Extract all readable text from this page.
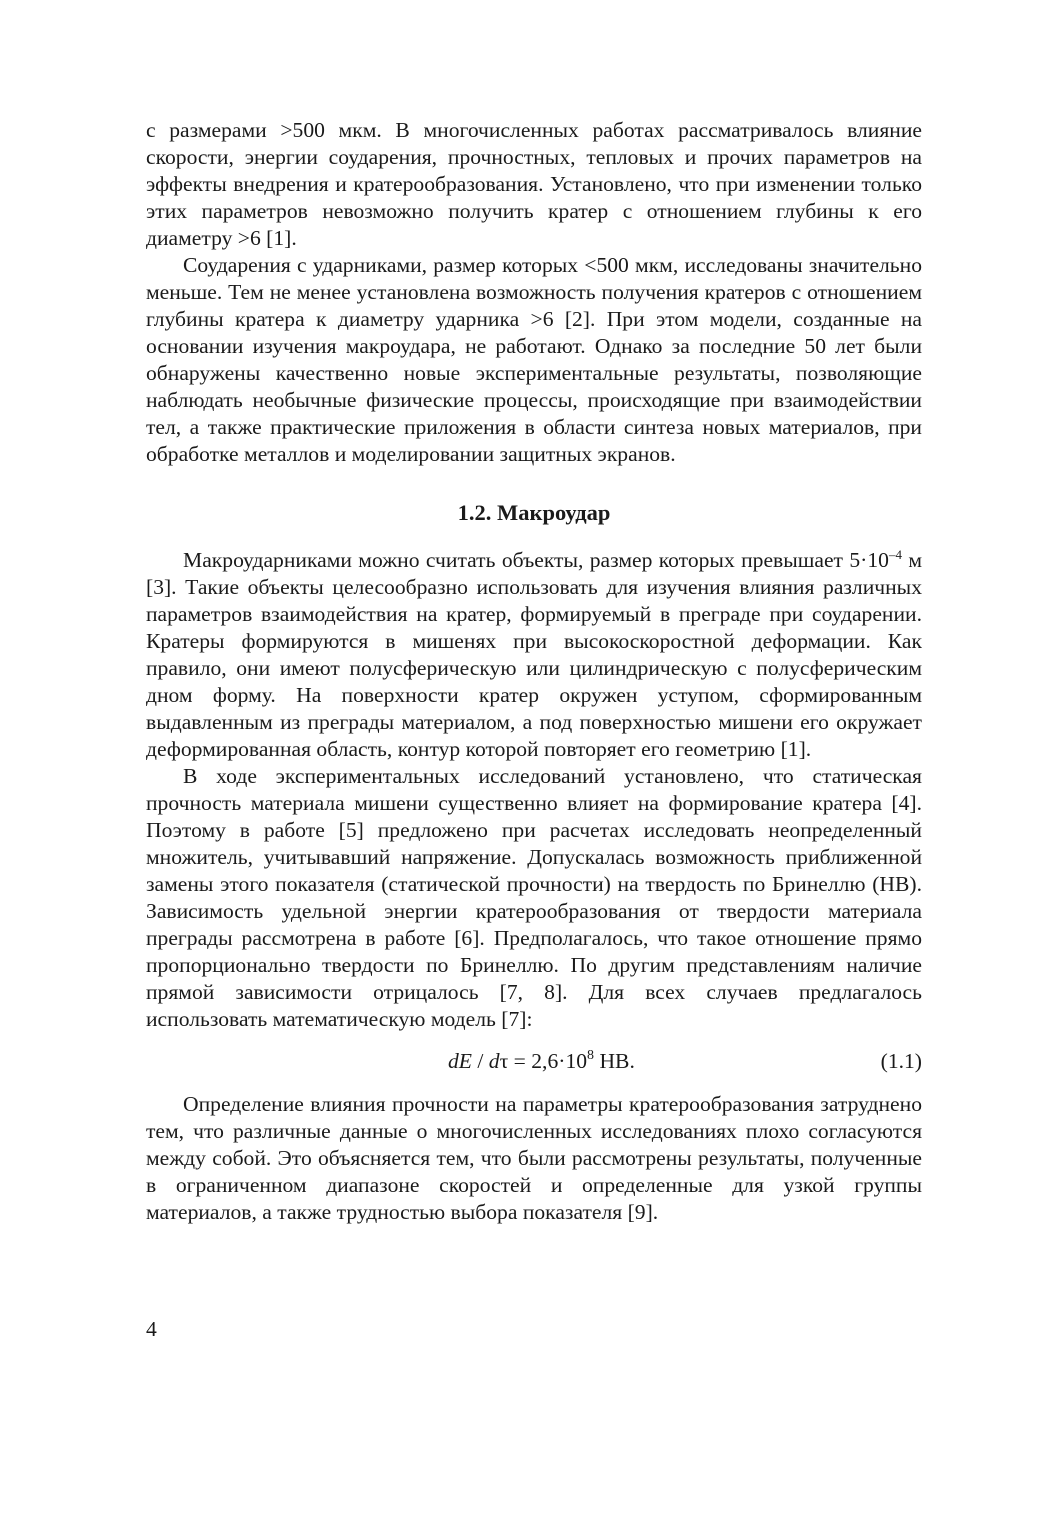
с размерами >500 мкм. В многочисленных работах рассматривалось влияние скорости, энергии соударения, прочностных, тепловых и прочих параметров на эффекты внедрения и кратерообразования. Установлено, что при изменении только этих параметров невозможно получить кратер с отношением глубины к его диаметру >6 [1].

Соударения с ударниками, размер которых <500 мкм, исследованы значительно меньше. Тем не менее установлена возможность получения кратеров с отношением глубины кратера к диаметру ударника >6 [2]. При этом модели, созданные на основании изучения макроудара, не работают. Однако за последние 50 лет были обнаружены качественно новые экспериментальные результаты, позволяющие наблюдать необычные физические процессы, происходящие при взаимодействии тел, а также практические приложения в области синтеза новых материалов, при обработке металлов и моделировании защитных экранов.

1.2. Макроудар

Макроударниками можно считать объекты, размер которых превышает $5\cdot 10^{-4}$ м [3]. Такие объекты целесообразно использовать для изучения влияния различных параметров взаимодействия на кратер, формируемый в преграде при соударении. Кратеры формируются в мишенях при высокоскоростной деформации. Как правило, они имеют полусферическую или цилиндрическую с полусферическим дном форму. На поверхности кратер окружен уступом, сформированным выдавленным из преграды материалом, а под поверхностью мишени его окружает деформированная область, контур которой повторяет его геометрию [1].

В ходе экспериментальных исследований установлено, что статическая прочность материала мишени существенно влияет на формирование кратера [4]. Поэтому в работе [5] предложено при расчетах исследовать неопределенный множитель, учитывавший напряжение. Допускалась возможность приближенной замены этого показателя (статической прочности) на твердость по Бринеллю (НВ). Зависимость удельной энергии кратерообразования от твердости материала преграды рассмотрена в работе [6]. Предполагалось, что такое отношение прямо пропорционально твердости по Бринеллю. По другим представлениям наличие прямой зависимости отрицалось [7, 8]. Для всех случаев предлагалось использовать математическую модель [7]:

dE / $d\tau = 2,6\cdot 10^8$ HB.	(1.1)

Определение влияния прочности на параметры кратерообразования затруднено тем, что различные данные о многочисленных исследованиях плохо согласуются между собой. Это объясняется тем, что были рассмотрены результаты, полученные в ограниченном диапазоне скоростей и определенные для узкой группы материалов, а также трудностью выбора показателя [9].

4
